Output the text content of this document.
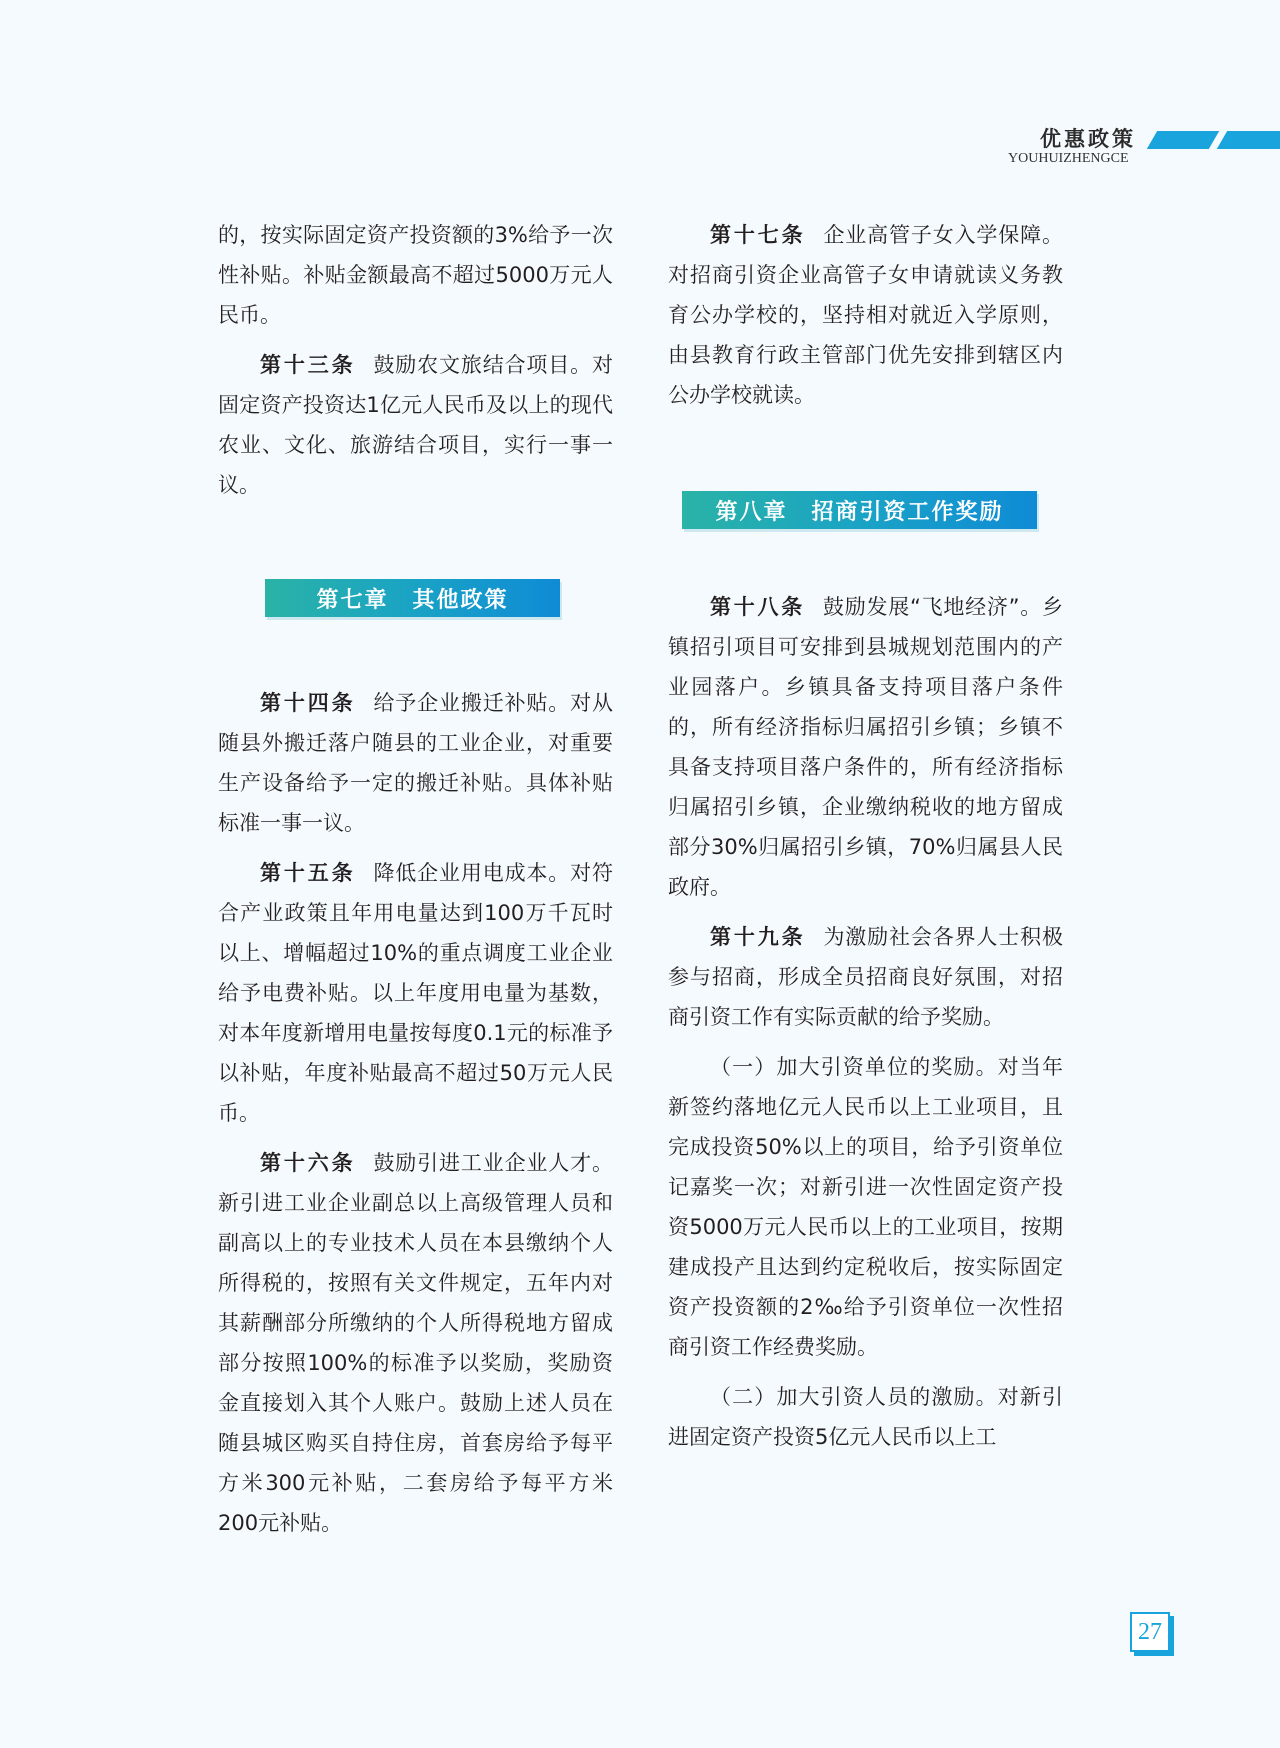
优惠政策
YOUHUIZHENGCE

的，按实际固定资产投资额的3%给予一次性补贴。补贴金额最高不超过5000万元人民币。

第十三条 鼓励农文旅结合项目。对固定资产投资达1亿元人民币及以上的现代农业、文化、旅游结合项目，实行一事一议。

第七章　其他政策

第十四条 给予企业搬迁补贴。对从随县外搬迁落户随县的工业企业，对重要生产设备给予一定的搬迁补贴。具体补贴标准一事一议。

第十五条 降低企业用电成本。对符合产业政策且年用电量达到100万千瓦时以上、增幅超过10%的重点调度工业企业给予电费补贴。以上年度用电量为基数，对本年度新增用电量按每度0.1元的标准予以补贴，年度补贴最高不超过50万元人民币。

第十六条 鼓励引进工业企业人才。新引进工业企业副总以上高级管理人员和副高以上的专业技术人员在本县缴纳个人所得税的，按照有关文件规定，五年内对其薪酬部分所缴纳的个人所得税地方留成部分按照100%的标准予以奖励，奖励资金直接划入其个人账户。鼓励上述人员在随县城区购买自持住房，首套房给予每平方米300元补贴，二套房给予每平方米200元补贴。

第十七条 企业高管子女入学保障。对招商引资企业高管子女申请就读义务教育公办学校的，坚持相对就近入学原则，由县教育行政主管部门优先安排到辖区内公办学校就读。

第八章　招商引资工作奖励

第十八条 鼓励发展“飞地经济”。乡镇招引项目可安排到县城规划范围内的产业园落户。乡镇具备支持项目落户条件的，所有经济指标归属招引乡镇；乡镇不具备支持项目落户条件的，所有经济指标归属招引乡镇，企业缴纳税收的地方留成部分30%归属招引乡镇，70%归属县人民政府。

第十九条 为激励社会各界人士积极参与招商，形成全员招商良好氛围，对招商引资工作有实际贡献的给予奖励。

（一）加大引资单位的奖励。对当年新签约落地亿元人民币以上工业项目，且完成投资50%以上的项目，给予引资单位记嘉奖一次；对新引进一次性固定资产投资5000万元人民币以上的工业项目，按期建成投产且达到约定税收后，按实际固定资产投资额的2‰给予引资单位一次性招商引资工作经费奖励。

（二）加大引资人员的激励。对新引进固定资产投资5亿元人民币以上工

27
